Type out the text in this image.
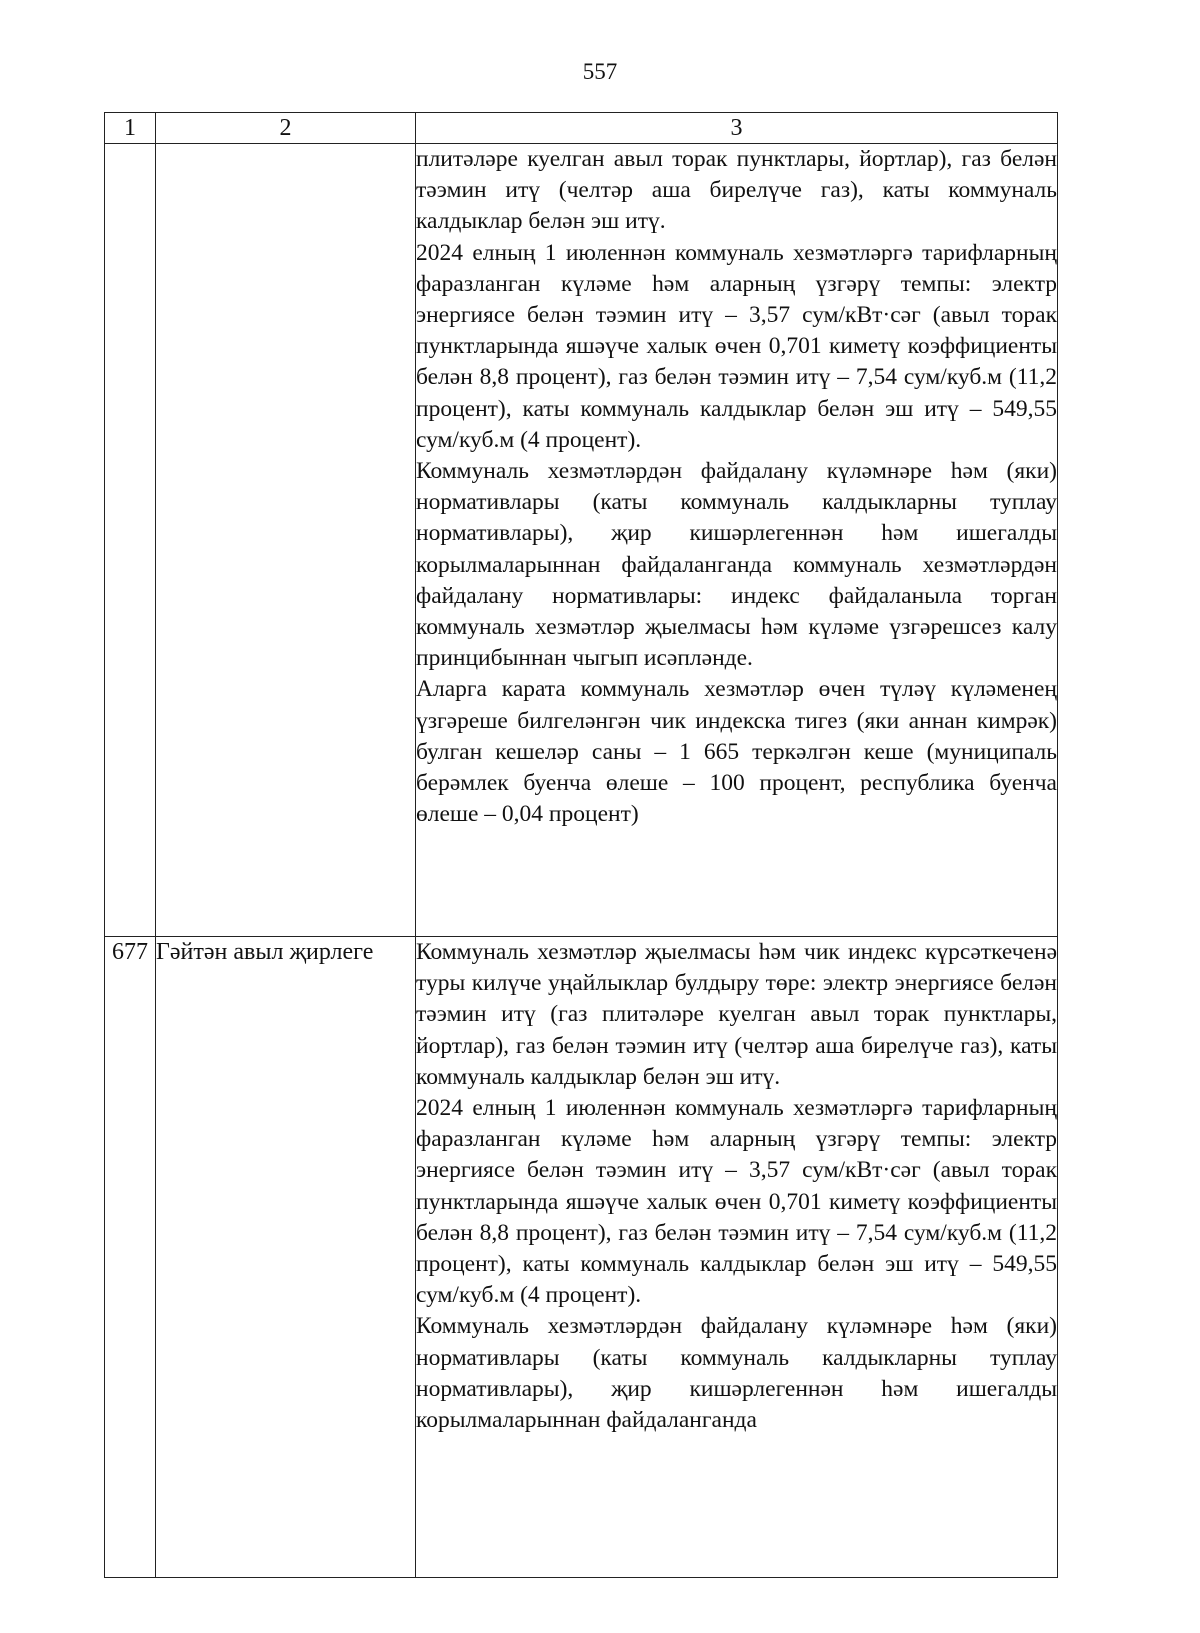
557
1	2	3

		плитәләре куелган авыл торак пунктлары, йортлар), газ белән тәэмин итү (челтәр аша бирелүче газ), каты коммуналь калдыклар белән эш итү.

2024 елның 1 июленнән коммуналь хезмәтләргә тарифларның фаразланган күләме һәм аларның үзгәрү темпы: электр энергиясе белән тәэмин итү – 3,57 сум/кВт·сәг (авыл торак пунктларында яшәүче халык өчен 0,701 киметү коэффициенты белән 8,8 процент), газ белән тәэмин итү – 7,54 сум/куб.м (11,2 процент), каты коммуналь калдыклар белән эш итү – 549,55 сум/куб.м (4 процент).

Коммуналь хезмәтләрдән файдалану күләмнәре һәм (яки) нормативлары (каты коммуналь калдыкларны туплау нормативлары), җир кишәрлегеннән һәм ишегалды корылмаларыннан файдаланганда коммуналь хезмәтләрдән файдалану нормативлары: индекс файдаланыла торган коммуналь хезмәтләр җыелмасы һәм күләме үзгәрешсез калу принцибыннан чыгып исәпләнде.

Аларга карата коммуналь хезмәтләр өчен түләү күләменең үзгәреше билгеләнгән чик индекска тигез (яки аннан кимрәк) булган кешеләр саны – 1 665 теркәлгән кеше (муниципаль берәмлек буенча өлеше – 100 процент, республика буенча өлеше – 0,04 процент)

677	Гәйтән авыл җирлеге	Коммуналь хезмәтләр җыелмасы һәм чик индекс күрсәткеченә туры килүче уңайлыклар булдыру төре: электр энергиясе белән тәэмин итү (газ плитәләре куелган авыл торак пунктлары, йортлар), газ белән тәэмин итү (челтәр аша бирелүче газ), каты коммуналь калдыклар белән эш итү.

2024 елның 1 июленнән коммуналь хезмәтләргә тарифларның фаразланган күләме һәм аларның үзгәрү темпы: электр энергиясе белән тәэмин итү – 3,57 сум/кВт·сәг (авыл торак пунктларында яшәүче халык өчен 0,701 киметү коэффициенты белән 8,8 процент), газ белән тәэмин итү – 7,54 сум/куб.м (11,2 процент), каты коммуналь калдыклар белән эш итү – 549,55 сум/куб.м (4 процент).

Коммуналь хезмәтләрдән файдалану күләмнәре һәм (яки) нормативлары (каты коммуналь калдыкларны туплау нормативлары), җир кишәрлегеннән һәм ишегалды корылмаларыннан файдаланганда
